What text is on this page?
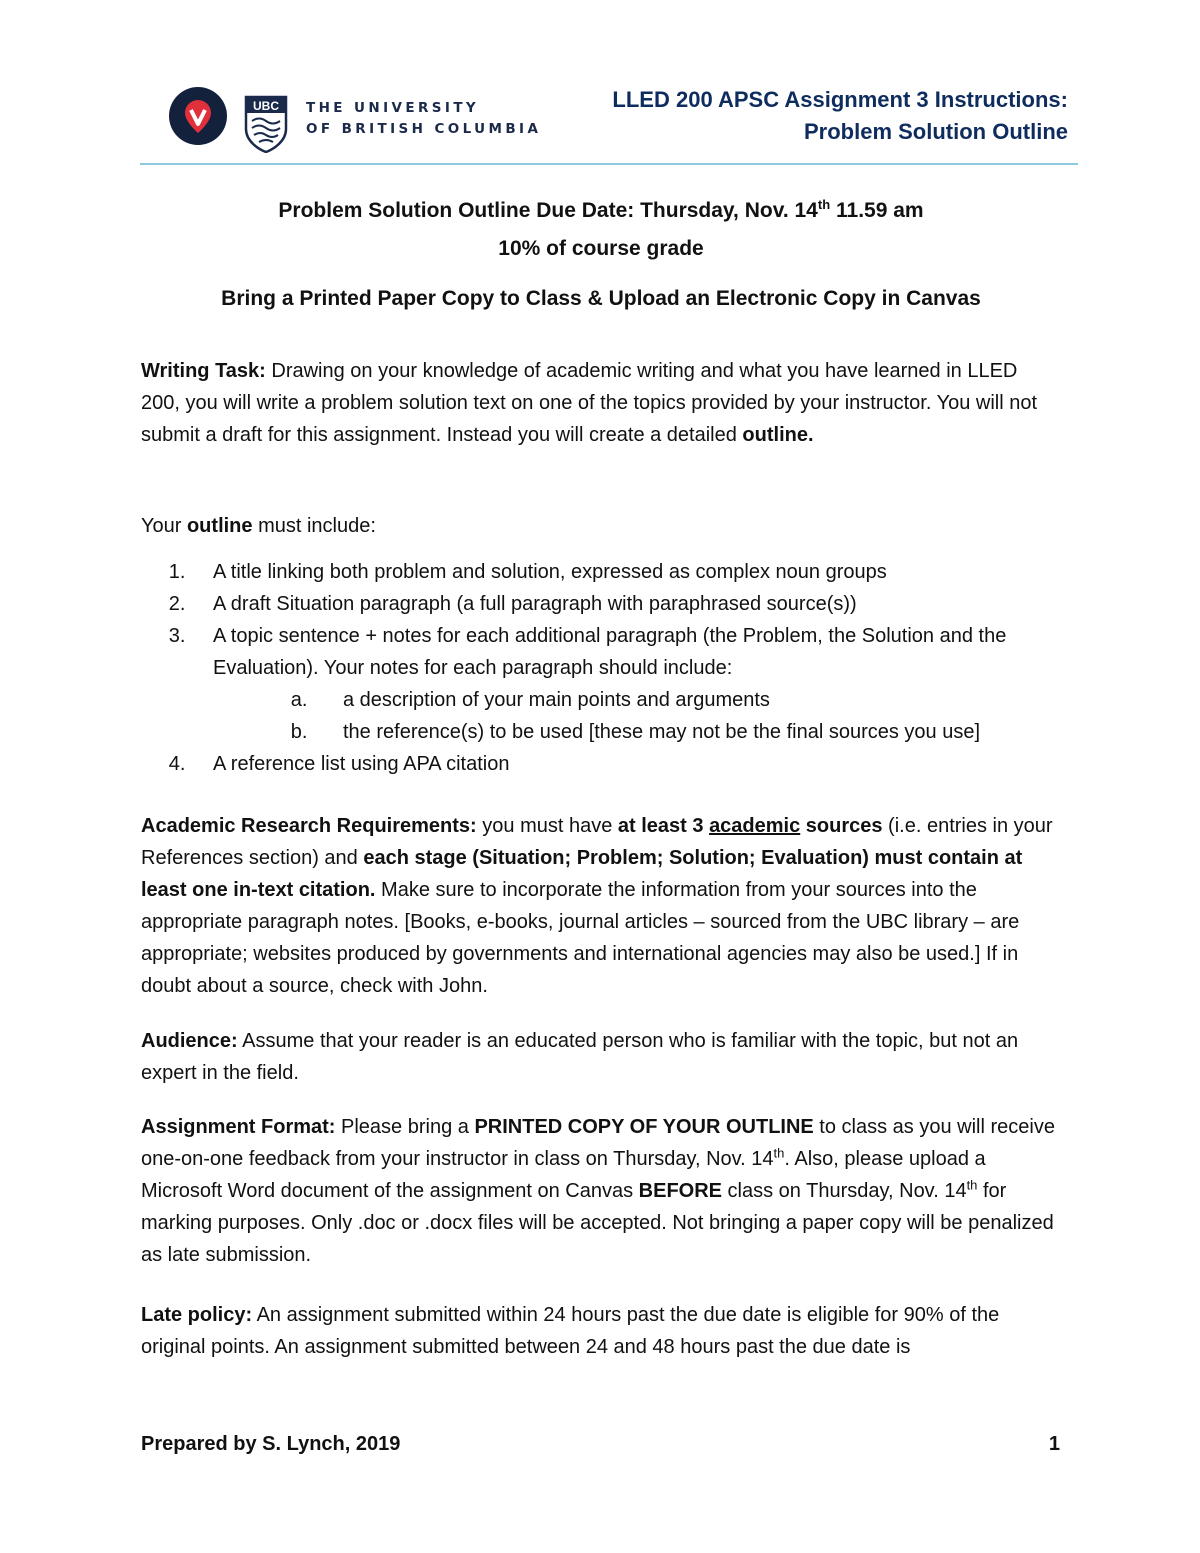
UBC THE UNIVERSITY
OF BRITISH COLUMBIA
LLED 200 APSC Assignment 3 Instructions:
Problem Solution Outline
Problem Solution Outline Due Date: Thursday, Nov. 14th 11.59 am
10% of course grade
Bring a Printed Paper Copy to Class & Upload an Electronic Copy in Canvas

Writing Task: Drawing on your knowledge of academic writing and what you have learned in LLED 200, you will write a problem solution text on one of the topics provided by your instructor. You will not submit a draft for this assignment. Instead you will create a detailed outline.

Your outline must include:

1. A title linking both problem and solution, expressed as complex noun groups
2. A draft Situation paragraph (a full paragraph with paraphrased source(s))
3. A topic sentence + notes for each additional paragraph (the Problem, the Solution and the Evaluation). Your notes for each paragraph should include:
a. a description of your main points and arguments
b. the reference(s) to be used [these may not be the final sources you use]
4. A reference list using APA citation

Academic Research Requirements: you must have at least 3 academic sources (i.e. entries in your References section) and each stage (Situation; Problem; Solution; Evaluation) must contain at least one in-text citation. Make sure to incorporate the information from your sources into the appropriate paragraph notes. [Books, e-books, journal articles – sourced from the UBC library – are appropriate; websites produced by governments and international agencies may also be used.] If in doubt about a source, check with John.

Audience: Assume that your reader is an educated person who is familiar with the topic, but not an expert in the field.

Assignment Format: Please bring a PRINTED COPY OF YOUR OUTLINE to class as you will receive one-on-one feedback from your instructor in class on Thursday, Nov. 14th. Also, please upload a Microsoft Word document of the assignment on Canvas BEFORE class on Thursday, Nov. 14th for marking purposes. Only .doc or .docx files will be accepted. Not bringing a paper copy will be penalized as late submission.

Late policy: An assignment submitted within 24 hours past the due date is eligible for 90% of the original points. An assignment submitted between 24 and 48 hours past the due date is

Prepared by S. Lynch, 2019	1
